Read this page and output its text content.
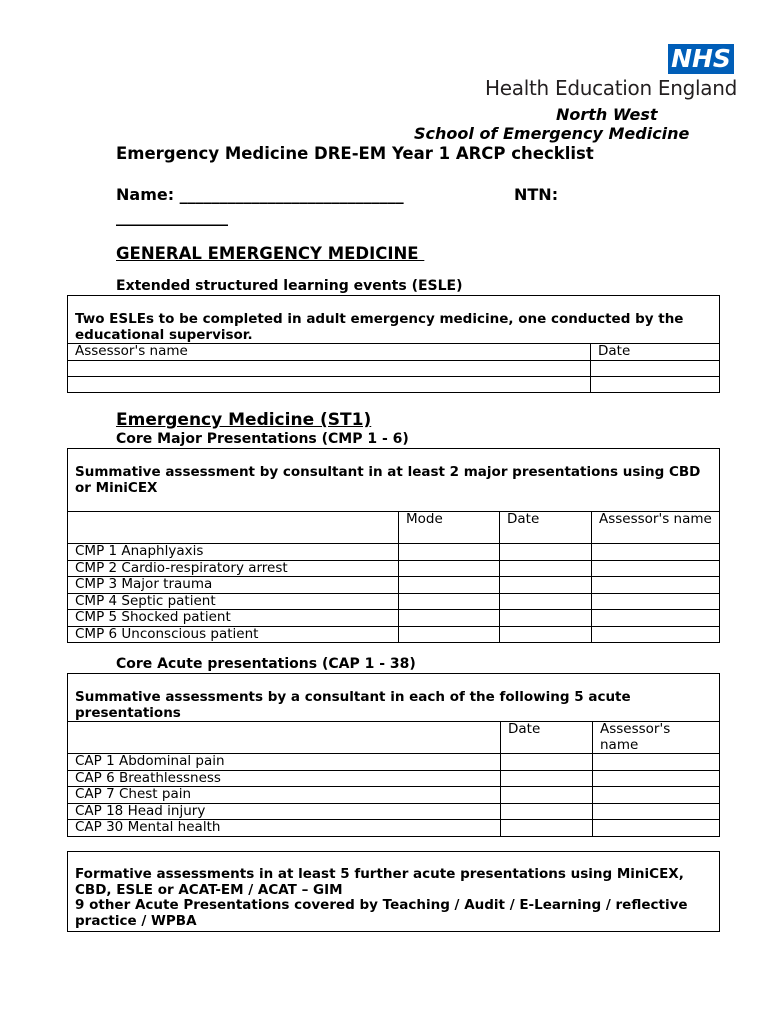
NHS
Health Education England
North West
School of Emergency Medicine
Emergency Medicine DRE-EM Year 1 ARCP checklist
Name: ____________________________	NTN:
______________
GENERAL EMERGENCY MEDICINE
Extended structured learning events (ESLE)
Two ESLEs to be completed in adult emergency medicine, one conducted by the educational supervisor.	
Assessor's name	Date

Emergency Medicine (ST1)
Core Major Presentations (CMP 1 - 6)
Summative assessment by consultant in at least 2 major presentations using CBD or MiniCEX			
	Mode	Date	Assessor's name
CMP 1 Anaphlyaxis			
CMP 2 Cardio-respiratory arrest			
CMP 3 Major trauma			
CMP 4 Septic patient			
CMP 5 Shocked patient			
CMP 6 Unconscious patient			
Core Acute presentations (CAP 1 - 38)
Summative assessments by a consultant in each of the following 5 acute presentations		
	Date	Assessor's name
CAP 1 Abdominal pain		
CAP 6 Breathlessness		
CAP 7 Chest pain		
CAP 18 Head injury		
CAP 30 Mental health		
Formative assessments in at least 5 further acute presentations using MiniCEX, CBD, ESLE or ACAT-EM / ACAT – GIM
9 other Acute Presentations covered by Teaching / Audit / E-Learning / reflective practice / WPBA
